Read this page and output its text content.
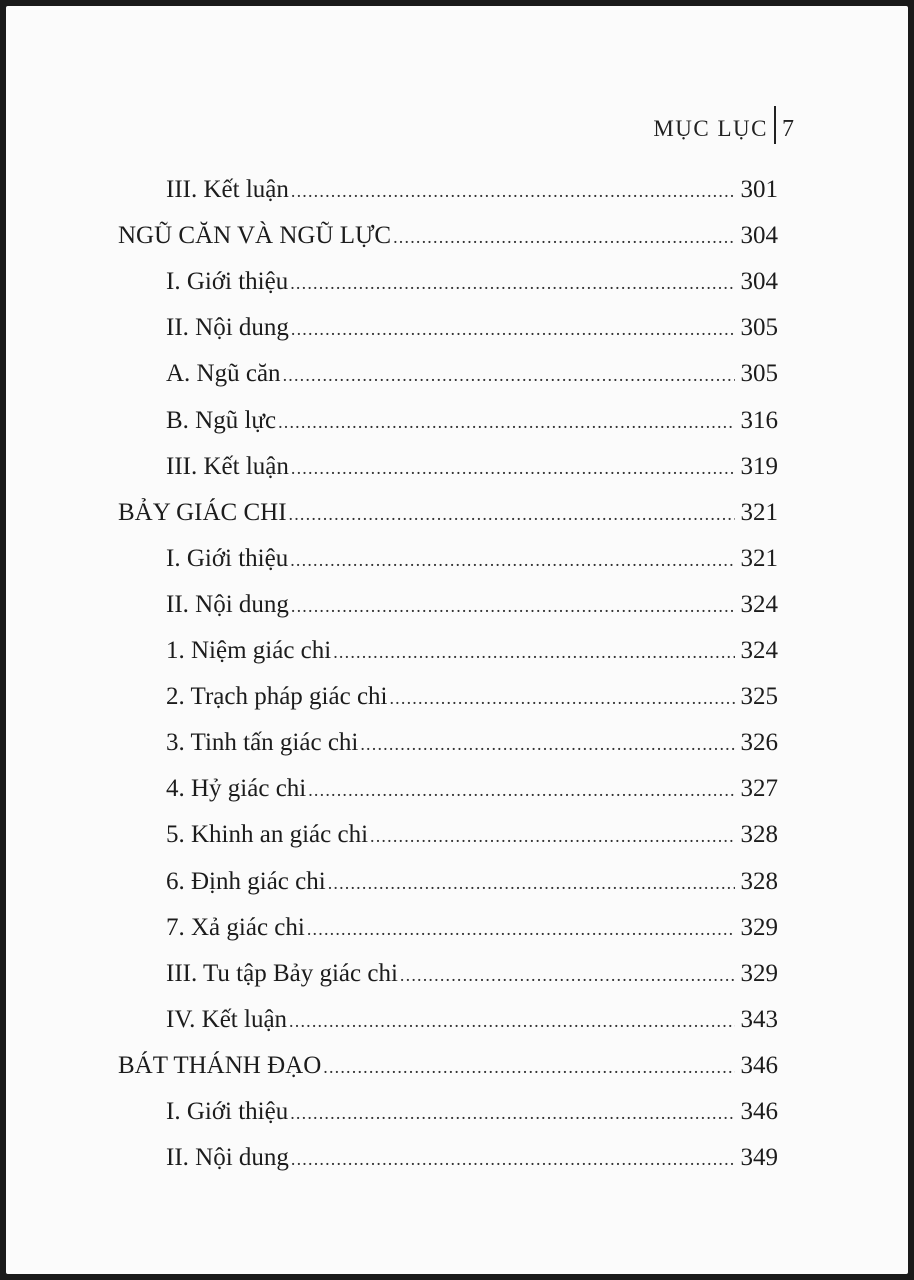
MỤC LỤC 7
III. Kết luận .....	301
NGŨ CĂN VÀ NGŨ LỰC .....	304
I. Giới thiệu .....	304
II. Nội dung .....	305
A. Ngũ căn .....	305
B. Ngũ lực .....	316
III. Kết luận .....	319
BẢY GIÁC CHI .....	321
I. Giới thiệu .....	321
II. Nội dung .....	324
1. Niệm giác chi .....	324
2. Trạch pháp giác chi .....	325
3. Tinh tấn giác chi .....	326
4. Hỷ giác chi .....	327
5. Khinh an giác chi .....	328
6. Định giác chi .....	328
7. Xả giác chi .....	329
III. Tu tập Bảy giác chi .....	329
IV. Kết luận .....	343
BÁT THÁNH ĐẠO .....	346
I. Giới thiệu .....	346
II. Nội dung .....	349
